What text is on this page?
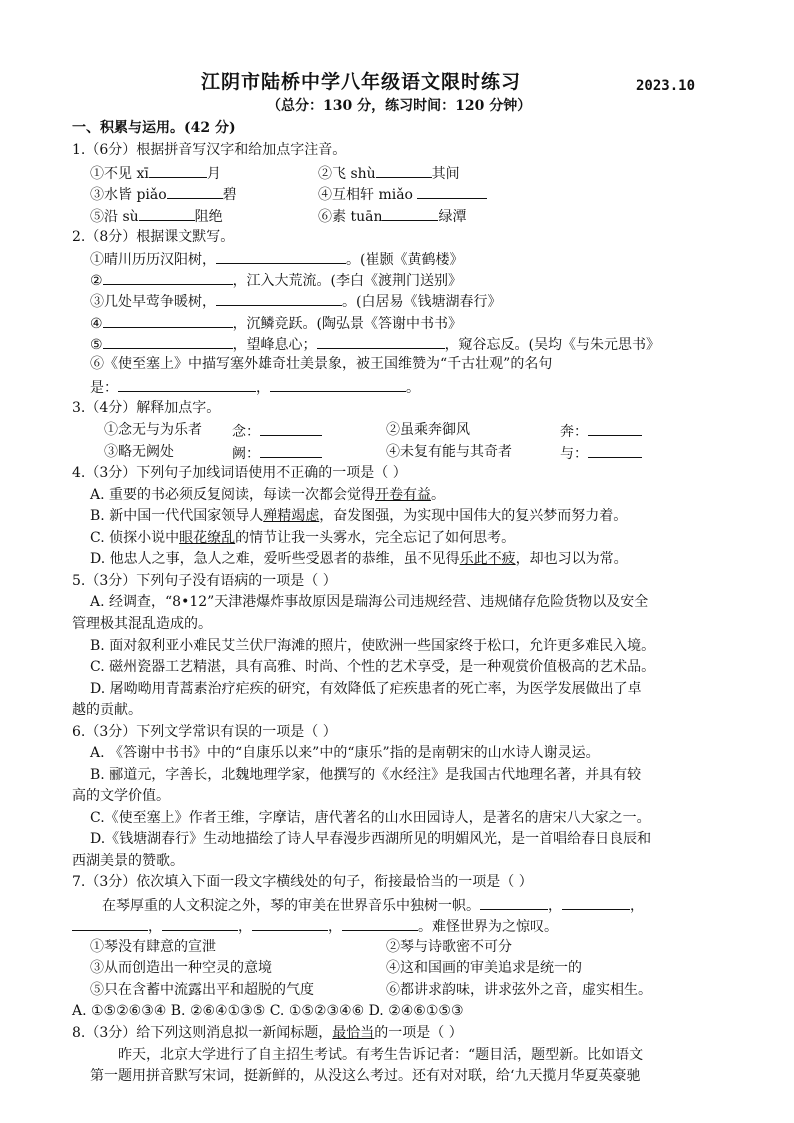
江阴市陆桥中学八年级语文限时练习	2023.10
（总分：130 分，练习时间：120 分钟）
一、积累与运用。(42 分)
1.（6分）根据拼音写汉字和给加点字注音。
①不见 xī	月	②飞 shù	其间
③水皆 piǎo	碧	④互相轩 miǎo
⑤沿 sù	阻绝	⑥素 tuān	绿潭
2.（8分）根据课文默写。
①晴川历历汉阳树，	。(崔颢《黄鹤楼》
②	，江入大荒流。(李白《渡荆门送别》
③几处早莺争暖树，	。(白居易《钱塘湖春行》
④	，沉鳞竞跃。(陶弘景《答谢中书书》
⑤	，望峰息心；	，窥谷忘反。(吴均《与朱元思书》
⑥《使至塞上》中描写塞外雄奇壮美景象，被王国维赞为“千古壮观”的名句
是：	，	。
3.（4分）解释加点字。
①念无与为乐者 念：	②虽乘奔御风	奔：
③略无阙处	阙：	④未复有能与其奇者	与：
4.（3分）下列句子加线词语使用不正确的一项是（ ）
A. 重要的书必须反复阅读，每读一次都会觉得开卷有益。
B. 新中国一代代国家领导人殚精竭虑，奋发图强，为实现中国伟大的复兴梦而努力着。
C. 侦探小说中眼花缭乱的情节让我一头雾水，完全忘记了如何思考。
D. 他忠人之事，急人之难，爱听些受恩者的恭维，虽不见得乐此不疲，却也习以为常。
5.（3分）下列句子没有语病的一项是（ ）
A. 经调查，“8•12”天津港爆炸事故原因是瑞海公司违规经营、违规储存危险货物以及安全
管理极其混乱造成的。
B. 面对叙利亚小难民艾兰伏尸海滩的照片，使欧洲一些国家终于松口，允许更多难民入境。
C. 磁州瓷器工艺精湛，具有高雅、时尚、个性的艺术享受，是一种观赏价值极高的艺术品。
D. 屠呦呦用青蒿素治疗疟疾的研究，有效降低了疟疾患者的死亡率，为医学发展做出了卓
越的贡献。
6.（3分）下列文学常识有误的一项是（ ）
A. 《答谢中书书》中的“自康乐以来”中的“康乐”指的是南朝宋的山水诗人谢灵运。
B. 郦道元，字善长，北魏地理学家，他撰写的《水经注》是我国古代地理名著，并具有较
高的文学价值。
C.《使至塞上》作者王维，字摩诘，唐代著名的山水田园诗人，是著名的唐宋八大家之一。
D.《钱塘湖春行》生动地描绘了诗人早春漫步西湖所见的明媚风光，是一首唱给春日良辰和
西湖美景的赞歌。
7.（3分）依次填入下面一段文字横线处的句子，衔接最恰当的一项是（ ）
在琴厚重的人文积淀之外，琴的审美在世界音乐中独树一帜。	，	，
，	，	，	。难怪世界为之惊叹。
①琴没有肆意的宣泄	②琴与诗歌密不可分
③从而创造出一种空灵的意境	④这和国画的审美追求是统一的
⑤只在含蓄中流露出平和超脱的气度	⑥都讲求韵味，讲求弦外之音，虚实相生。
A. ①⑤②⑥③④ B. ②⑥④①③⑤ C. ①⑤②③④⑥ D. ②④⑥①⑤③
8.（3分）给下列这则消息拟一新闻标题，最恰当的一项是（ ）
昨天，北京大学进行了自主招生考试。有考生告诉记者：“题目活，题型新。比如语文
第一题用拼音默写宋词，挺新鲜的，从没这么考过。还有对对联，给‘九天揽月华夏英豪驰
